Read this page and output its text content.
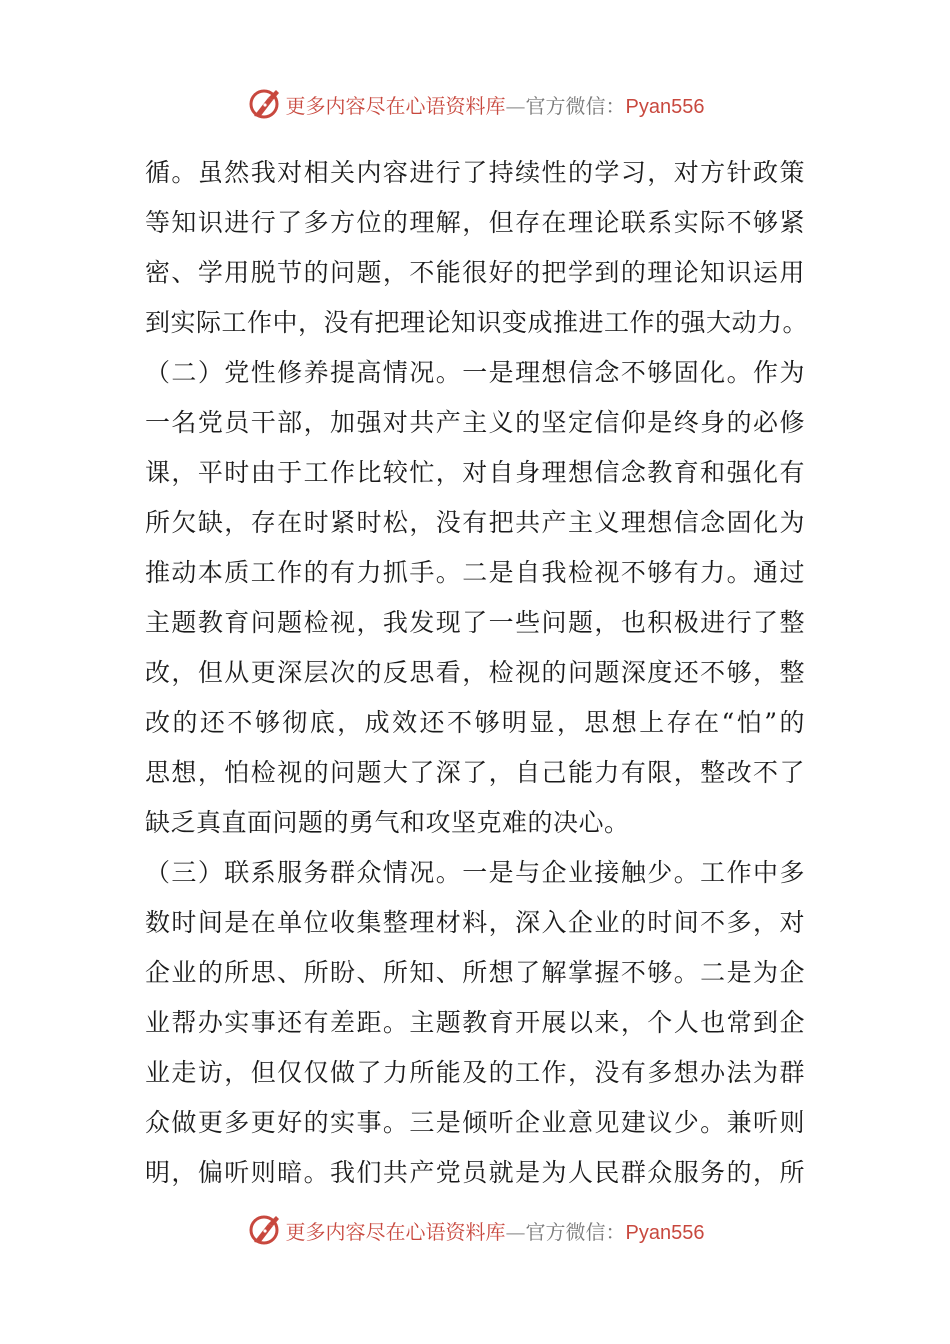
更多内容尽在心语资料库—官方微信：Pyan556
循。虽然我对相关内容进行了持续性的学习，对方针政策
等知识进行了多方位的理解，但存在理论联系实际不够紧
密、学用脱节的问题，不能很好的把学到的理论知识运用
到实际工作中，没有把理论知识变成推进工作的强大动力。
（二）党性修养提高情况。一是理想信念不够固化。作为
一名党员干部，加强对共产主义的坚定信仰是终身的必修
课，平时由于工作比较忙，对自身理想信念教育和强化有
所欠缺，存在时紧时松，没有把共产主义理想信念固化为
推动本质工作的有力抓手。二是自我检视不够有力。通过
主题教育问题检视，我发现了一些问题，也积极进行了整
改，但从更深层次的反思看，检视的问题深度还不够，整
改的还不够彻底，成效还不够明显，思想上存在“怕”的
思想，怕检视的问题大了深了，自己能力有限，整改不了
缺乏真直面问题的勇气和攻坚克难的决心。
（三）联系服务群众情况。一是与企业接触少。工作中多
数时间是在单位收集整理材料，深入企业的时间不多，对
企业的所思、所盼、所知、所想了解掌握不够。二是为企
业帮办实事还有差距。主题教育开展以来，个人也常到企
业走访，但仅仅做了力所能及的工作，没有多想办法为群
众做更多更好的实事。三是倾听企业意见建议少。兼听则
明，偏听则暗。我们共产党员就是为人民群众服务的，所
更多内容尽在心语资料库—官方微信：Pyan556
